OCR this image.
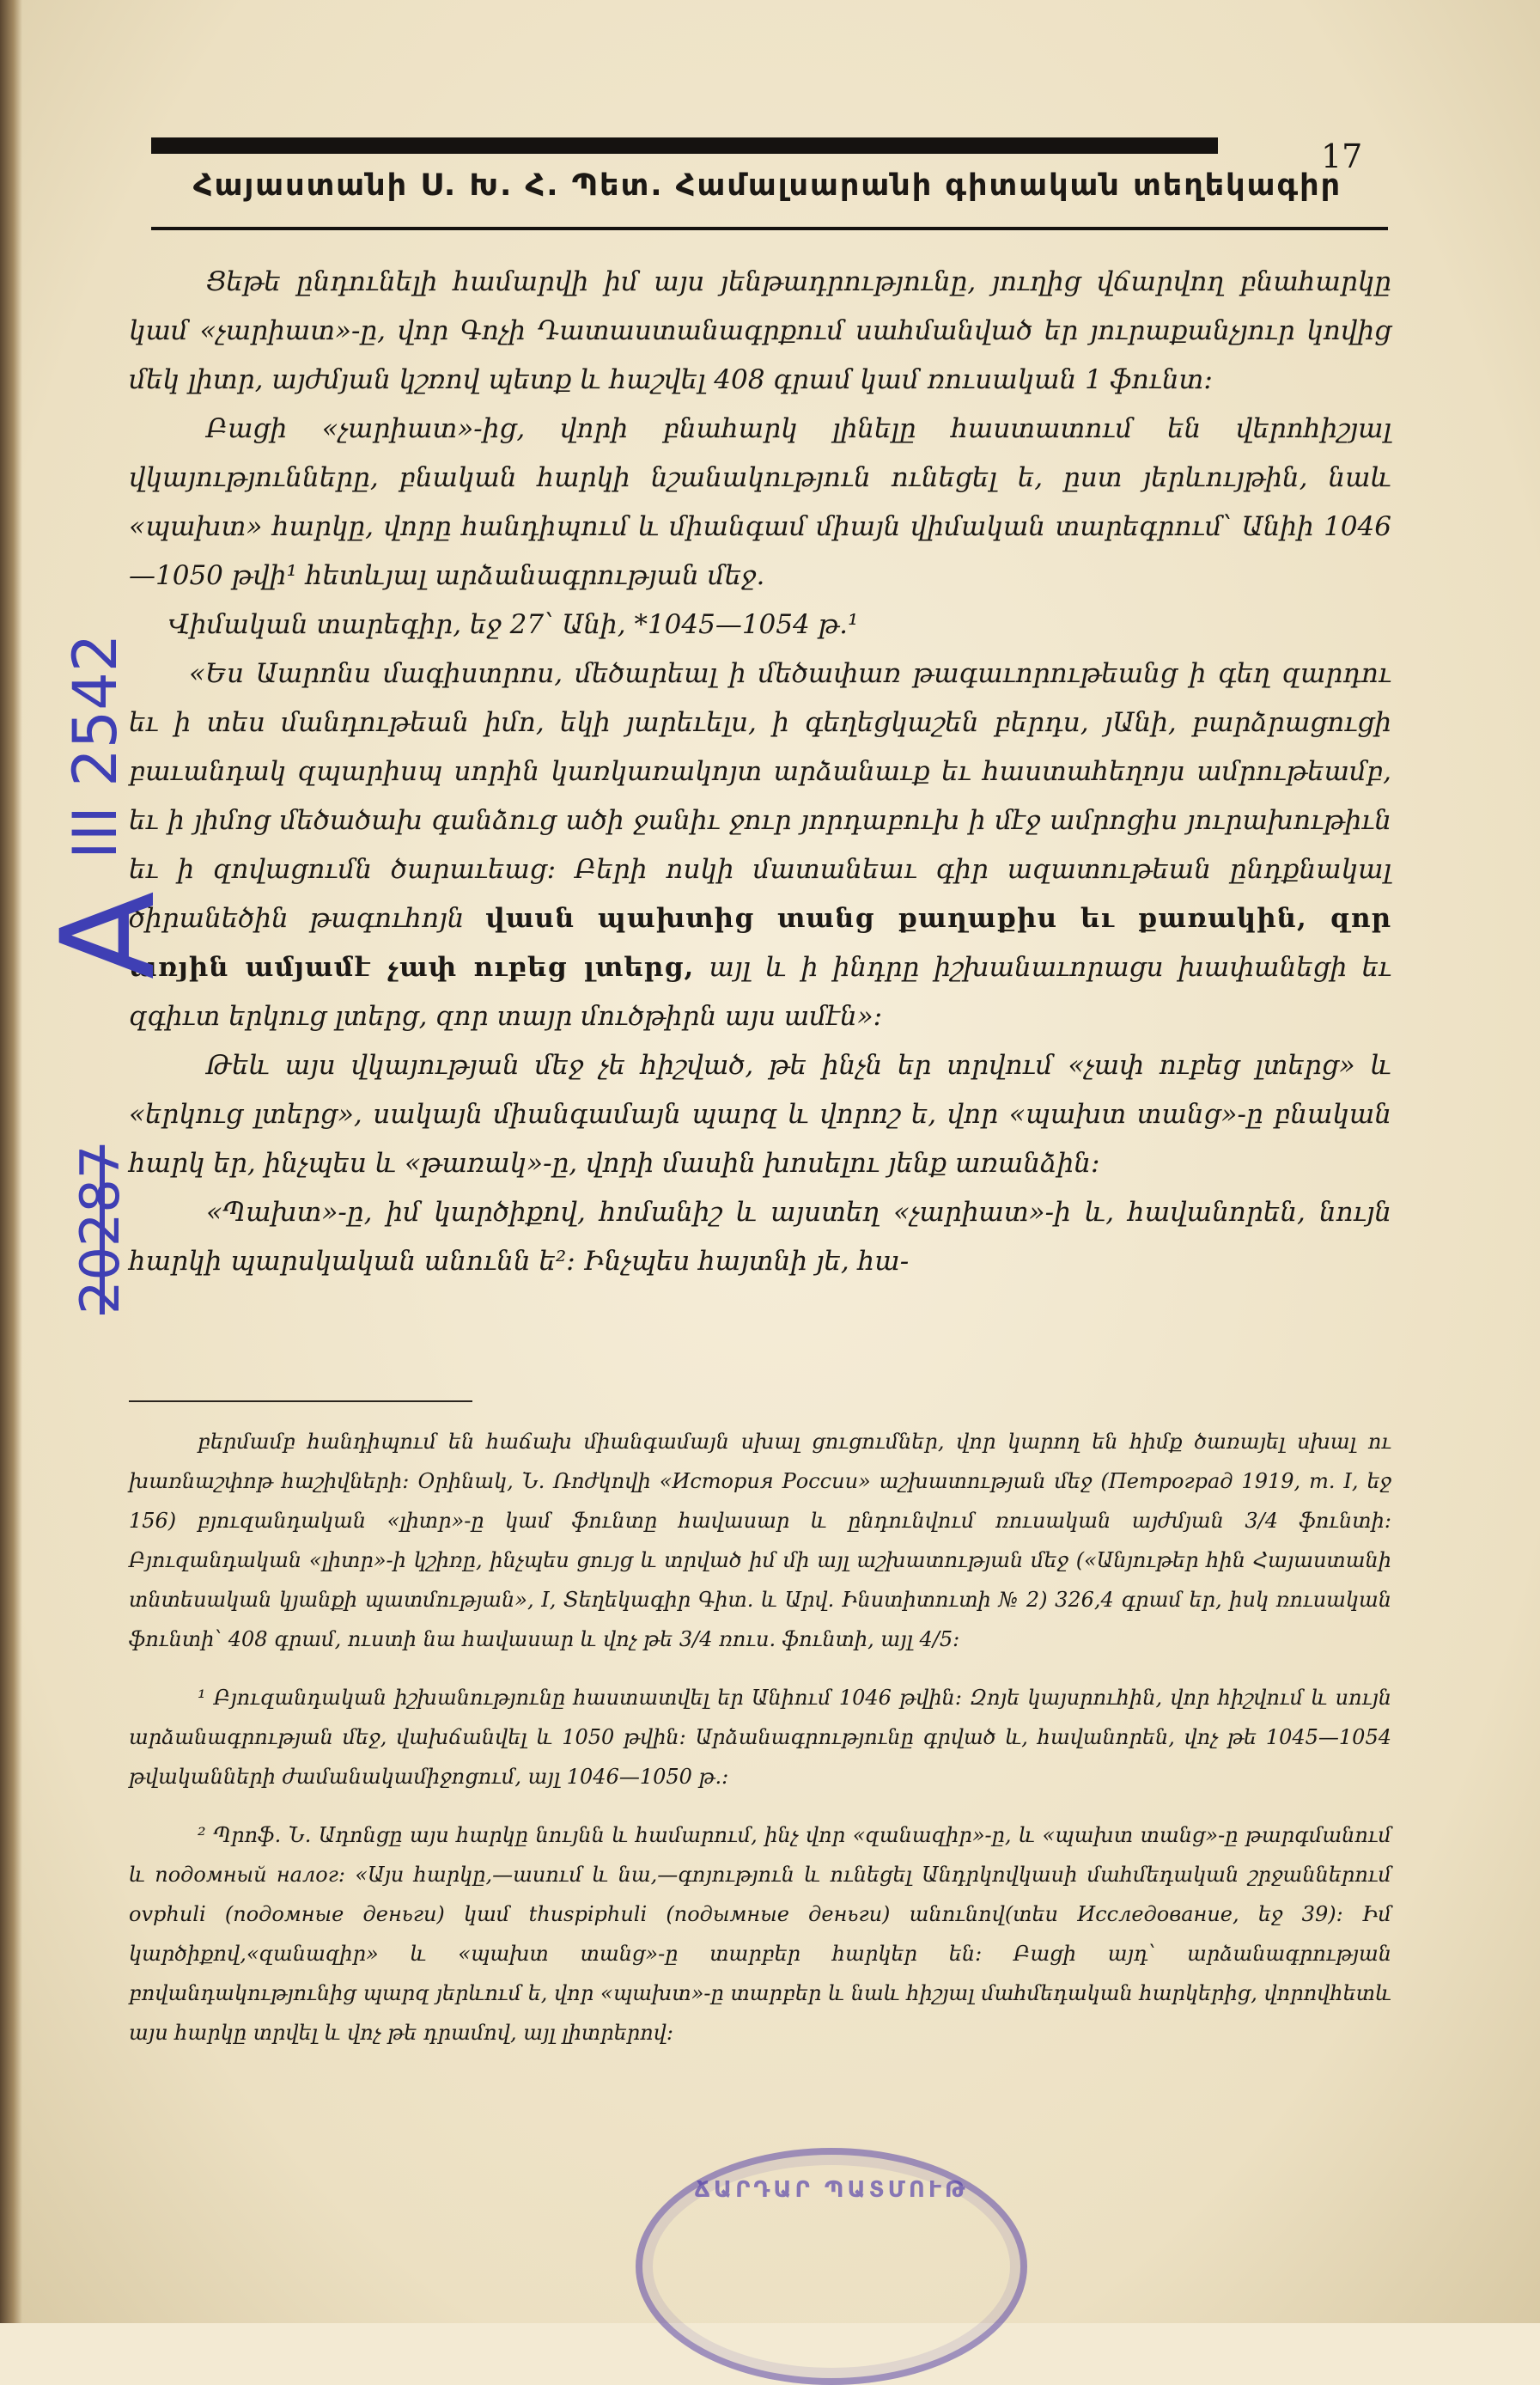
17
Հայաստանի Ս. Խ. Հ. Պետ. Համալսարանի գիտական տեղեկագիր

Ցեթե ընդունելի համարվի իմ այս յենթադրությունը, յուղից վճարվող բնահարկը կամ «չարիատ»-ը, վոր Գոչի Դատաստանագրքում սահմանված եր յուրաքանչյուր կովից մեկ լիտր, այժմյան կշռով պետք և հաշվել 408 գրամ կամ ռուսական 1 ֆունտ։

Բացի «չարիատ»-ից, վորի բնահարկ լինելը հաստատում են վերոհիշյալ վկայությունները, բնական հարկի նշանակություն ունեցել ե, ըստ յերևույթին, նաև «պախտ» հարկը, վորը հանդիպում և միանգամ միայն վիմական տարեգրում՝ Անիի 1046—1050 թվի¹ հետևյալ արձանագրության մեջ.

Վիմական տարեգիր, եջ 27՝ Անի, *1045—1054 թ.¹

«Ես Աարոնս մագիստրոս, մեծարեալ ի մեծափառ թագաւորութեանց ի գեղ զարդու եւ ի տես մանդութեան իմո, եկի յարեւելս, ի գեղեցկաշեն բերդս, յԱնի, բարձրացուցի բաւանդակ զպարիսպ սորին կառկառակոյտ արձանաւք եւ հաստահեղոյս ամրութեամբ, եւ ի յիմոց մեծածախ գանձուց ածի ջանիւ ջուր յորդաբուխ ի մէջ ամրոցիս յուրախութիւն եւ ի զովացումն ծարաւեաց։ Բերի ոսկի մատանեաւ գիր ազատութեան ընդքնակալ ծիրանեծին թագուհոյն վասն պախտից տանց քաղաքիս եւ քառակին, զոր առյին ամյամէ չափ ուբեց լտերց, այլ և ի ինդրը իշխանաւորացս խափանեցի եւ զգիւտ երկուց լտերց, զոր տայր մուծթիրն այս ամէն»։

Թեև այս վկայության մեջ չե հիշված, թե ինչն եր տրվում «չափ ուբեց լտերց» և «երկուց լտերց», սակայն միանգամայն պարզ և վորոշ ե, վոր «պախտ տանց»-ը բնական հարկ եր, ինչպես և «թառակ»-ը, վորի մասին խոսելու յենք առանձին։

«Պախտ»-ը, իմ կարծիքով, հոմանիշ և այստեղ «չարիատ»-ի և, հավանորեն, նույն հարկի պարսկական անունն ե²։ Ինչպես հայտնի յե, հա-

բերմամբ հանդիպում են հաճախ միանգամայն սխալ ցուցումներ, վոր կարող են հիմք ծառայել սխալ ու խառնաշփոթ հաշիվների։ Օրինակ, Ն. Ռոժկովի «История России» աշխատության մեջ (Петроград 1919, т. I, եջ 156) բյուզանդական «լիտր»-ը կամ ֆունտը հավասար և ընդունվում ռուսական այժմյան 3/4 ֆունտի։ Բյուզանդական «լիտր»-ի կշիռը, ինչպես ցույց և տրված իմ մի այլ աշխատության մեջ («Անյութեր հին Հայաստանի տնտեսական կյանքի պատմության», I, Տեղեկագիր Գիտ. և Արվ. Ինստիտուտի № 2) 326,4 գրամ եր, իսկ ռուսական ֆունտի՝ 408 գրամ, ուստի նա հավասար և վոչ թե 3/4 ռուս. ֆունտի, այլ 4/5։

¹ Բյուզանդական իշխանությունը հաստատվել եր Անիում 1046 թվին։ Զոյե կայսրուհին, վոր հիշվում և սույն արձանագրության մեջ, վախճանվել և 1050 թվին։ Արձանագրությունը գրված և, հավանորեն, վոչ թե 1045—1054 թվականների ժամանակամիջոցում, այլ 1046—1050 թ.։

² Պրոֆ. Ն. Ադոնցը այս հարկը նույնն և համարում, ինչ վոր «զանազիր»-ը, և «պախտ տանց»-ը թարգմանում և подомный налог։ «Այս հարկը,—ասում և նա,—գոյություն և ունեցել Անդրկովկասի մահմեդական շրջաններում ovphuli (подомные деньги) կամ thuspiphuli (подымные деньги) անունով(տես Исследование, եջ 39)։ Իմ կարծիքով,«զանազիր» և «պախտ տանց»-ը տարբեր հարկեր են։ Բացի այդ՝ արձանագրության բովանդակությունից պարզ յերևում ե, վոր «պախտ»-ը տարբեր և նաև հիշյալ մահմեդական հարկերից, վորովհետև այս հարկը տրվել և վոչ թե դրամով, այլ լիտրերով։

A
III 2542
20287
ՃԱՐԴԱՐ ՊԱՏՄՈՒԹ
